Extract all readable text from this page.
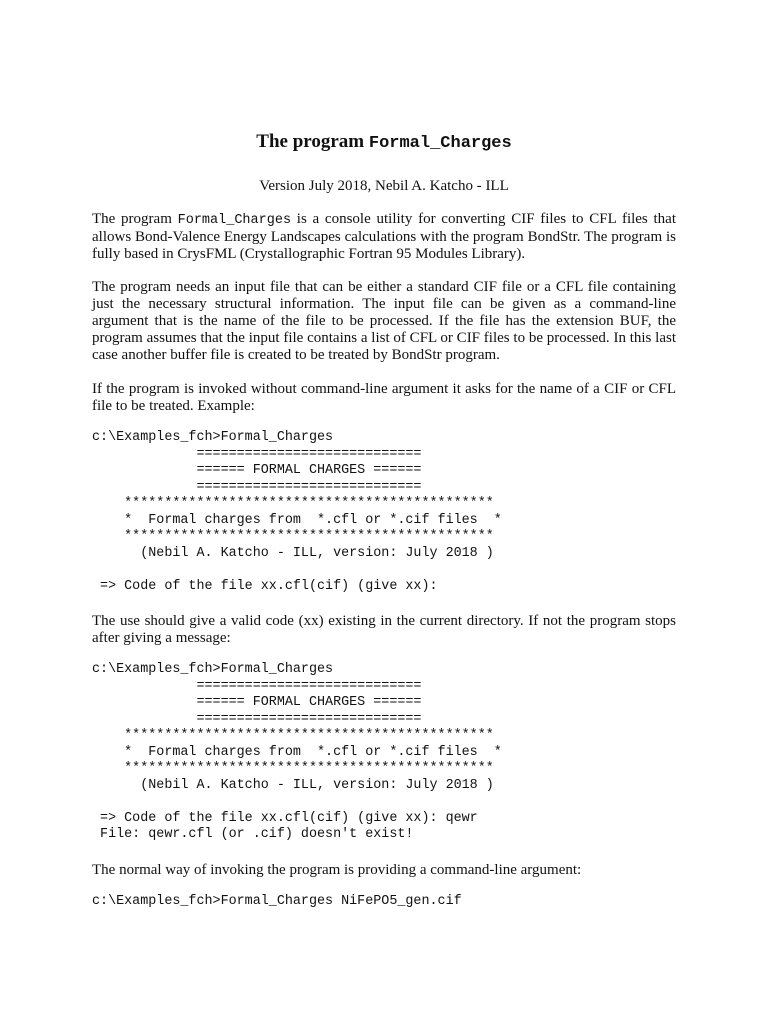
The program Formal_Charges
Version July 2018, Nebil A. Katcho - ILL

The program Formal_Charges is a console utility for converting CIF files to CFL files that allows Bond-Valence Energy Landscapes calculations with the program BondStr. The program is fully based in CrysFML (Crystallographic Fortran 95 Modules Library).

The program needs an input file that can be either a standard CIF file or a CFL file containing just the necessary structural information. The input file can be given as a command-line argument that is the name of the file to be processed. If the file has the extension BUF, the program assumes that the input file contains a list of CFL or CIF files to be processed. In this last case another buffer file is created to be treated by BondStr program.

If the program is invoked without command-line argument it asks for the name of a CIF or CFL file to be treated. Example:

c:\Examples_fch>Formal_Charges
============================
====== FORMAL CHARGES ======
============================
**********************************************
*  Formal charges from  *.cfl or *.cif files  *
**********************************************
(Nebil A. Katcho - ILL, version: July 2018 )

=> Code of the file xx.cfl(cif) (give xx):

The use should give a valid code (xx) existing in the current directory. If not the program stops after giving a message:

c:\Examples_fch>Formal_Charges
============================
====== FORMAL CHARGES ======
============================
**********************************************
*  Formal charges from  *.cfl or *.cif files  *
**********************************************
(Nebil A. Katcho - ILL, version: July 2018 )

=> Code of the file xx.cfl(cif) (give xx): qewr
File: qewr.cfl (or .cif) doesn't exist!

The normal way of invoking the program is providing a command-line argument:

c:\Examples_fch>Formal_Charges NiFePO5_gen.cif
